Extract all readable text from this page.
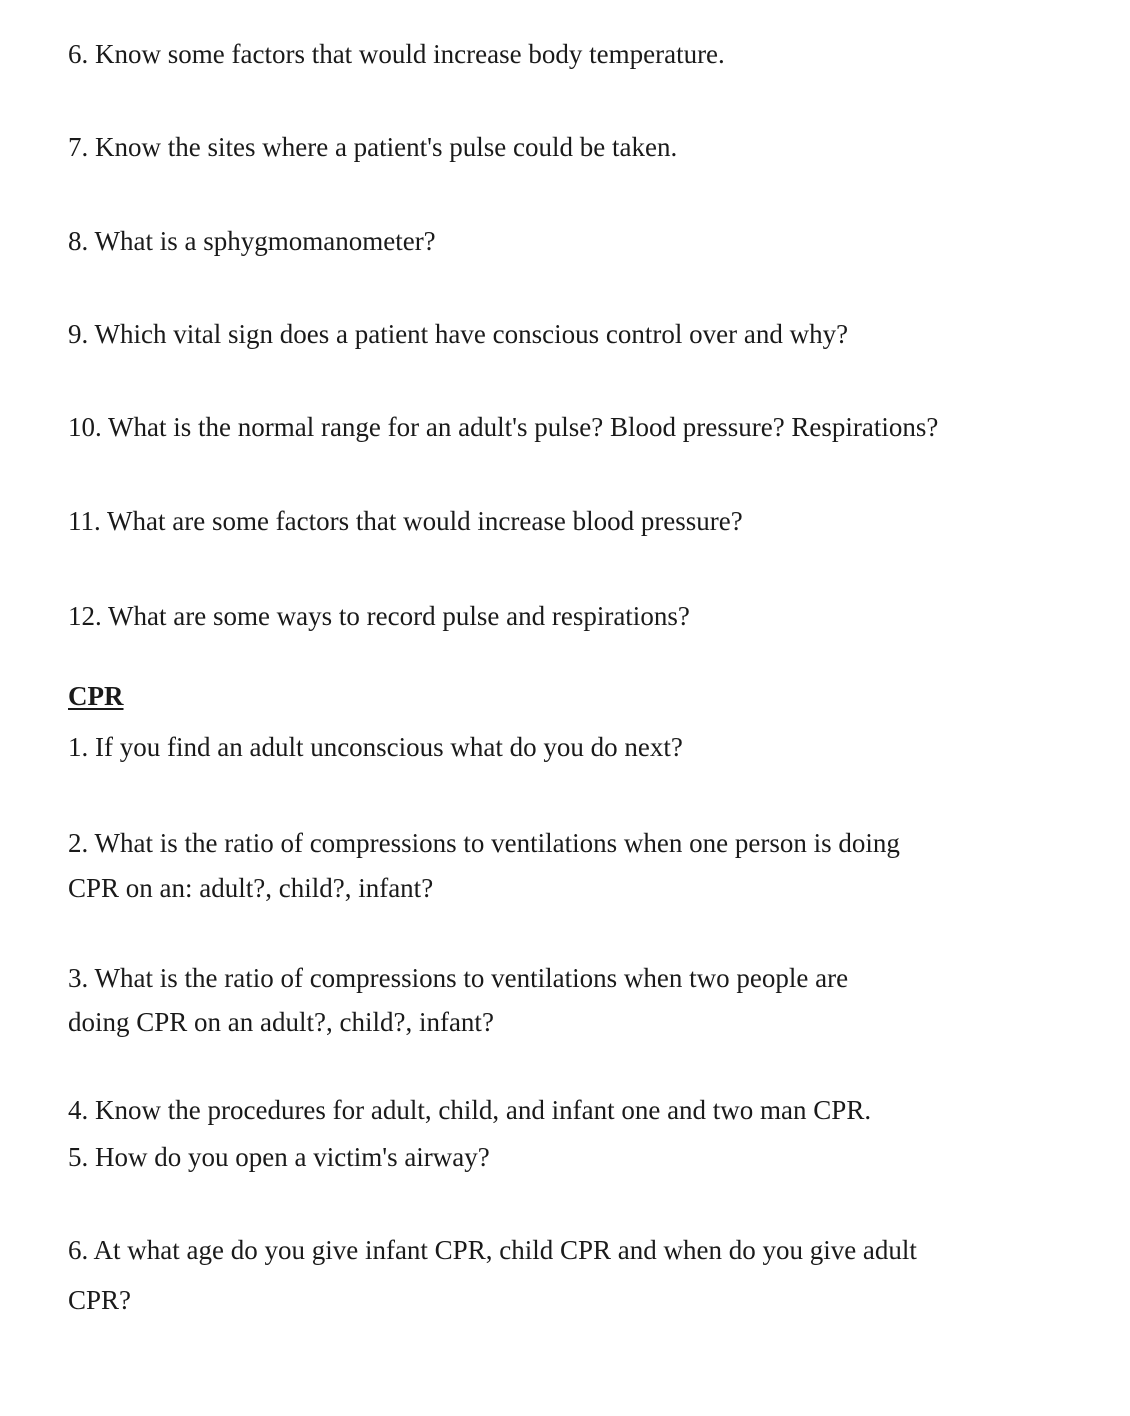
6. Know some factors that would increase body temperature.

7. Know the sites where a patient's pulse could be taken.

8. What is a sphygmomanometer?

9. Which vital sign does a patient have conscious control over and why?

10. What is the normal range for an adult's pulse? Blood pressure? Respirations?

11. What are some factors that would increase blood pressure?

12. What are some ways to record pulse and respirations?

CPR

1. If you find an adult unconscious what do you do next?

2. What is the ratio of compressions to ventilations when one person is doing

CPR on an: adult?, child?, infant?

3. What is the ratio of compressions to ventilations when two people are

doing CPR on an adult?, child?, infant?

4. Know the procedures for adult, child, and infant one and two man CPR.

5. How do you open a victim's airway?

6. At what age do you give infant CPR, child CPR and when do you give adult

CPR?
